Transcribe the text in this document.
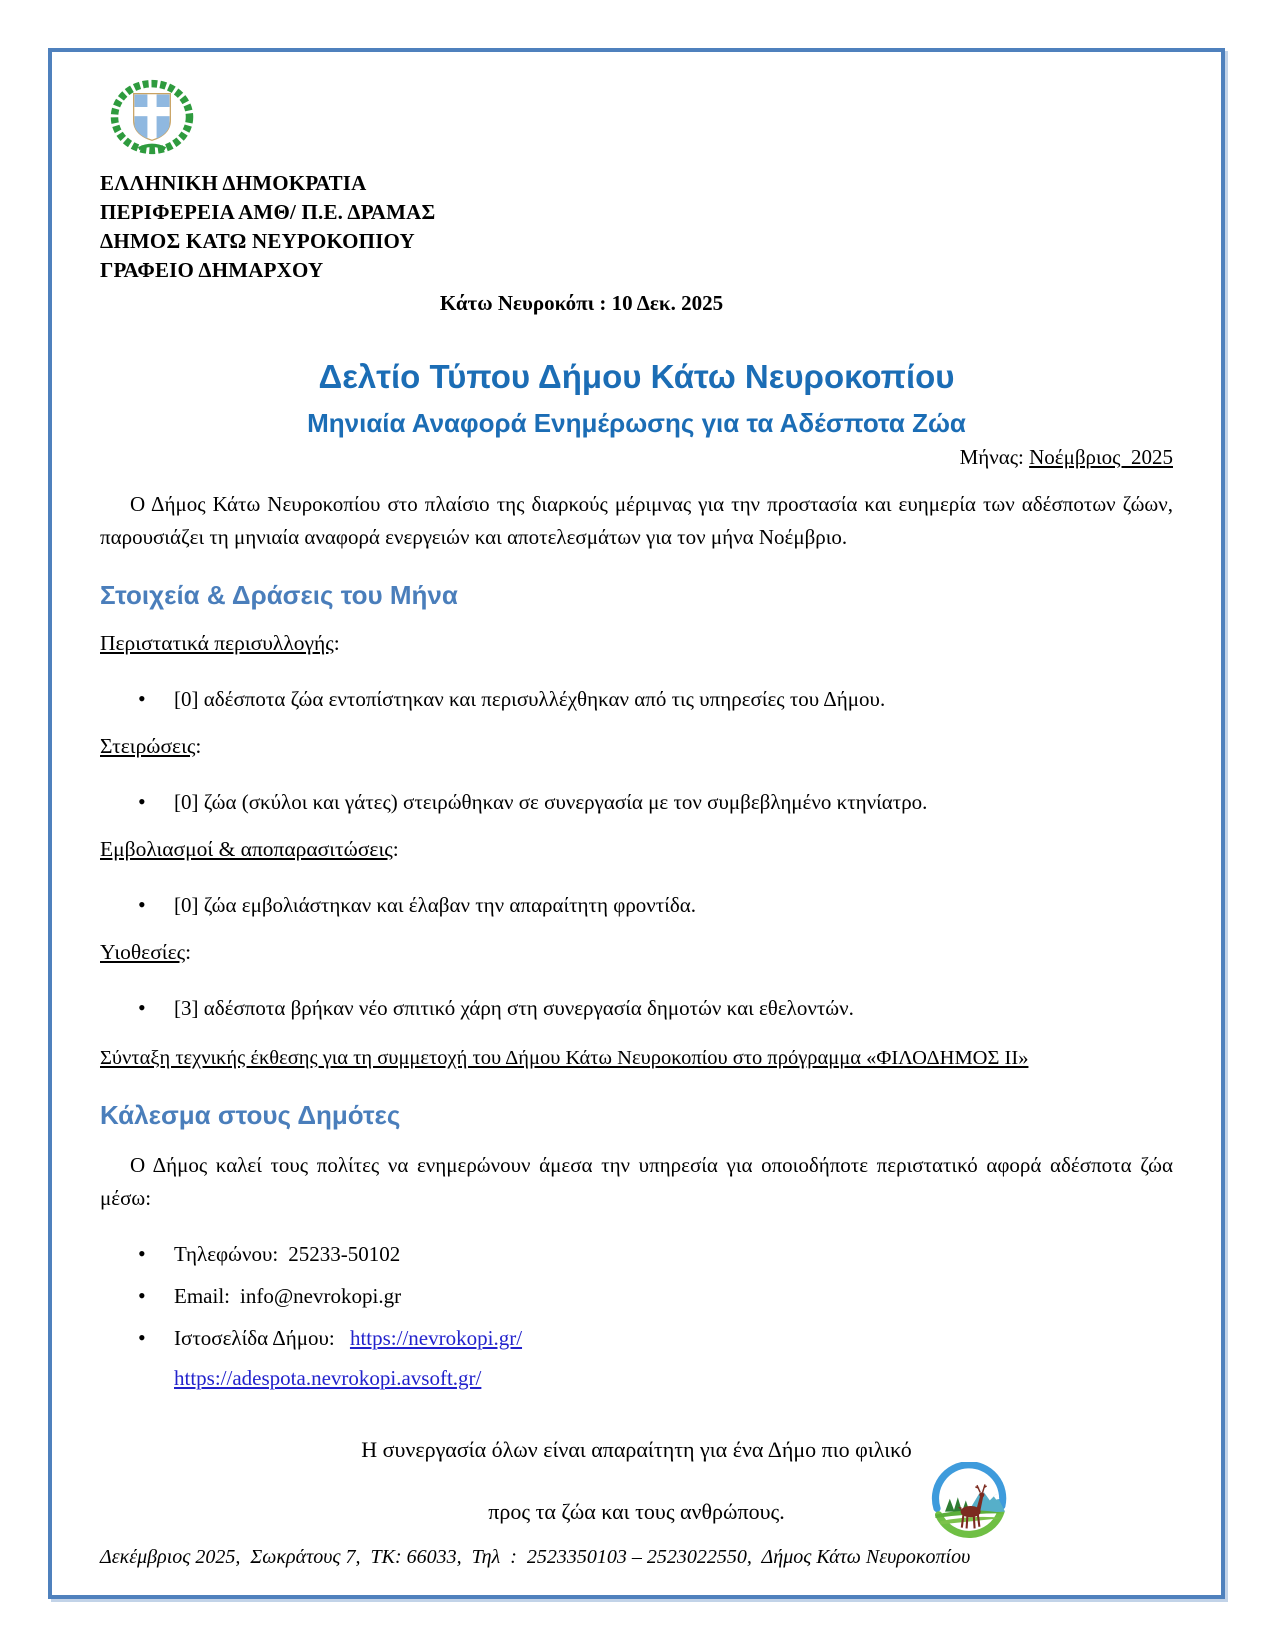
ΕΛΛΗΝΙΚΗ ΔΗΜΟΚΡΑΤΙΑ
ΠΕΡΙΦΕΡΕΙΑ ΑΜΘ/ Π.Ε. ΔΡΑΜΑΣ
ΔΗΜΟΣ ΚΑΤΩ ΝΕΥΡΟΚΟΠΙΟΥ
ΓΡΑΦΕΙΟ ΔΗΜΑΡΧΟΥ
Κάτω Νευροκόπι : 10 Δεκ. 2025
Δελτίο Τύπου Δήμου Κάτω Νευροκοπίου
Μηνιαία Αναφορά Ενημέρωσης για τα Αδέσποτα Ζώα
Μήνας: Νοέμβριος  2025

Ο Δήμος Κάτω Νευροκοπίου στο πλαίσιο της διαρκούς μέριμνας για την προστασία και ευημερία των αδέσποτων ζώων, παρουσιάζει τη μηνιαία αναφορά ενεργειών και αποτελεσμάτων για τον μήνα Νοέμβριο.

Στοιχεία & Δράσεις του Μήνα
Περιστατικά περισυλλογής:
• [0] αδέσποτα ζώα εντοπίστηκαν και περισυλλέχθηκαν από τις υπηρεσίες του Δήμου.
Στειρώσεις:
• [0] ζώα (σκύλοι και γάτες) στειρώθηκαν σε συνεργασία με τον συμβεβλημένο κτηνίατρο.
Εμβολιασμοί & αποπαρασιτώσεις:
• [0] ζώα εμβολιάστηκαν και έλαβαν την απαραίτητη φροντίδα.
Υιοθεσίες:
• [3] αδέσποτα βρήκαν νέο σπιτικό χάρη στη συνεργασία δημοτών και εθελοντών.
Σύνταξη τεχνικής έκθεσης για τη συμμετοχή του Δήμου Κάτω Νευροκοπίου στο πρόγραμμα «ΦΙΛΟΔΗΜΟΣ ΙΙ»
Κάλεσμα στους Δημότες

Ο Δήμος καλεί τους πολίτες να ενημερώνουν άμεσα την υπηρεσία για οποιοδήποτε περιστατικό αφορά αδέσποτα ζώα μέσω:

• Τηλεφώνου: 25233-50102
• Email: info@nevrokopi.gr
• Ιστοσελίδα Δήμου: https://nevrokopi.gr/
https://adespota.nevrokopi.avsoft.gr/
Η συνεργασία όλων είναι απαραίτητη για ένα Δήμο πιο φιλικό
προς τα ζώα και τους ανθρώπους.
Δεκέμβριος 2025,  Σωκράτους 7,  ΤΚ: 66033,  Τηλ  :  2523350103 – 2523022550,  Δήμος Κάτω Νευροκοπίου
